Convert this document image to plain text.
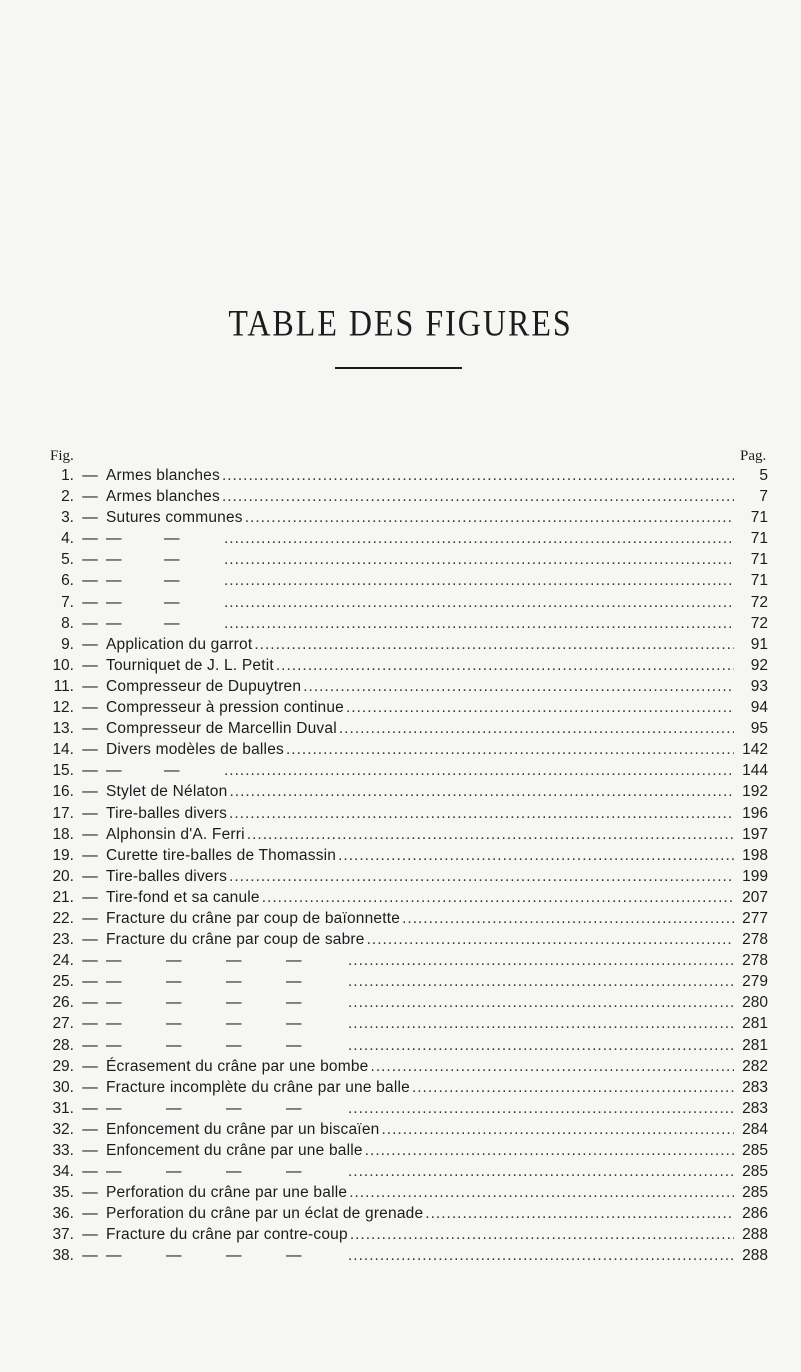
TABLE DES FIGURES
Fig.	Pag.
1. — Armes blanches .....	5
2. — Armes blanches .....	7
3. — Sutures communes .....	71
4. — —	— .....	71
5. — —	— .....	71
6. — —	— .....	71
7. — —	— .....	72
8. — —	— .....	72
9. — Application du garrot .....	91
10. — Tourniquet de J. L. Petit .....	92
11. — Compresseur de Dupuytren .....	93
12. — Compresseur à pression continue .....	94
13. — Compresseur de Marcellin Duval .....	95
14. — Divers modèles de balles .....	142
15. — —	— .....	144
16. — Stylet de Nélaton .....	192
17. — Tire-balles divers .....	196
18. — Alphonsin d'A. Ferri .....	197
19. — Curette tire-balles de Thomassin .....	198
20. — Tire-balles divers .....	199
21. — Tire-fond et sa canule .....	207
22. — Fracture du crâne par coup de baïonnette .....	277
23. — Fracture du crâne par coup de sabre .....	278
24. — —	—	—	— .....	278
25. — —	—	—	— .....	279
26. — —	—	—	— .....	280
27. — —	—	—	— .....	281
28. — —	—	—	— .....	281
29. — Écrasement du crâne par une bombe .....	282
30. — Fracture incomplète du crâne par une balle .....	283
31. — —	—	—	— .....	283
32. — Enfoncement du crâne par un biscaïen .....	284
33. — Enfoncement du crâne par une balle .....	285
34. — —	—	—	— .....	285
35. — Perforation du crâne par une balle .....	285
36. — Perforation du crâne par un éclat de grenade .....	286
37. — Fracture du crâne par contre-coup .....	288
38. — —	—	—	— .....	288
